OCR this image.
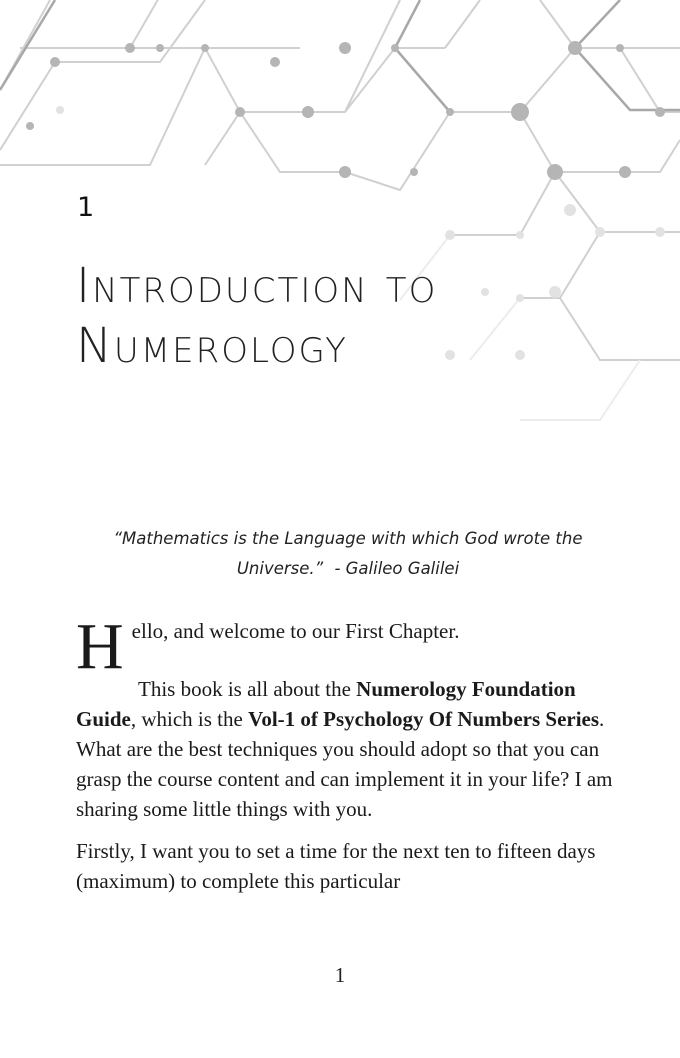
1
Introduction to Numerology
“Mathematics is the Language with which God wrote the Universe.” - Galileo Galilei

Hello, and welcome to our First Chapter.

This book is all about the Numerology Foundation Guide, which is the Vol-1 of Psychology Of Numbers Series. What are the best techniques you should adopt so that you can grasp the course content and can implement it in your life? I am sharing some little things with you.

Firstly, I want you to set a time for the next ten to fifteen days (maximum) to complete this particular

1
